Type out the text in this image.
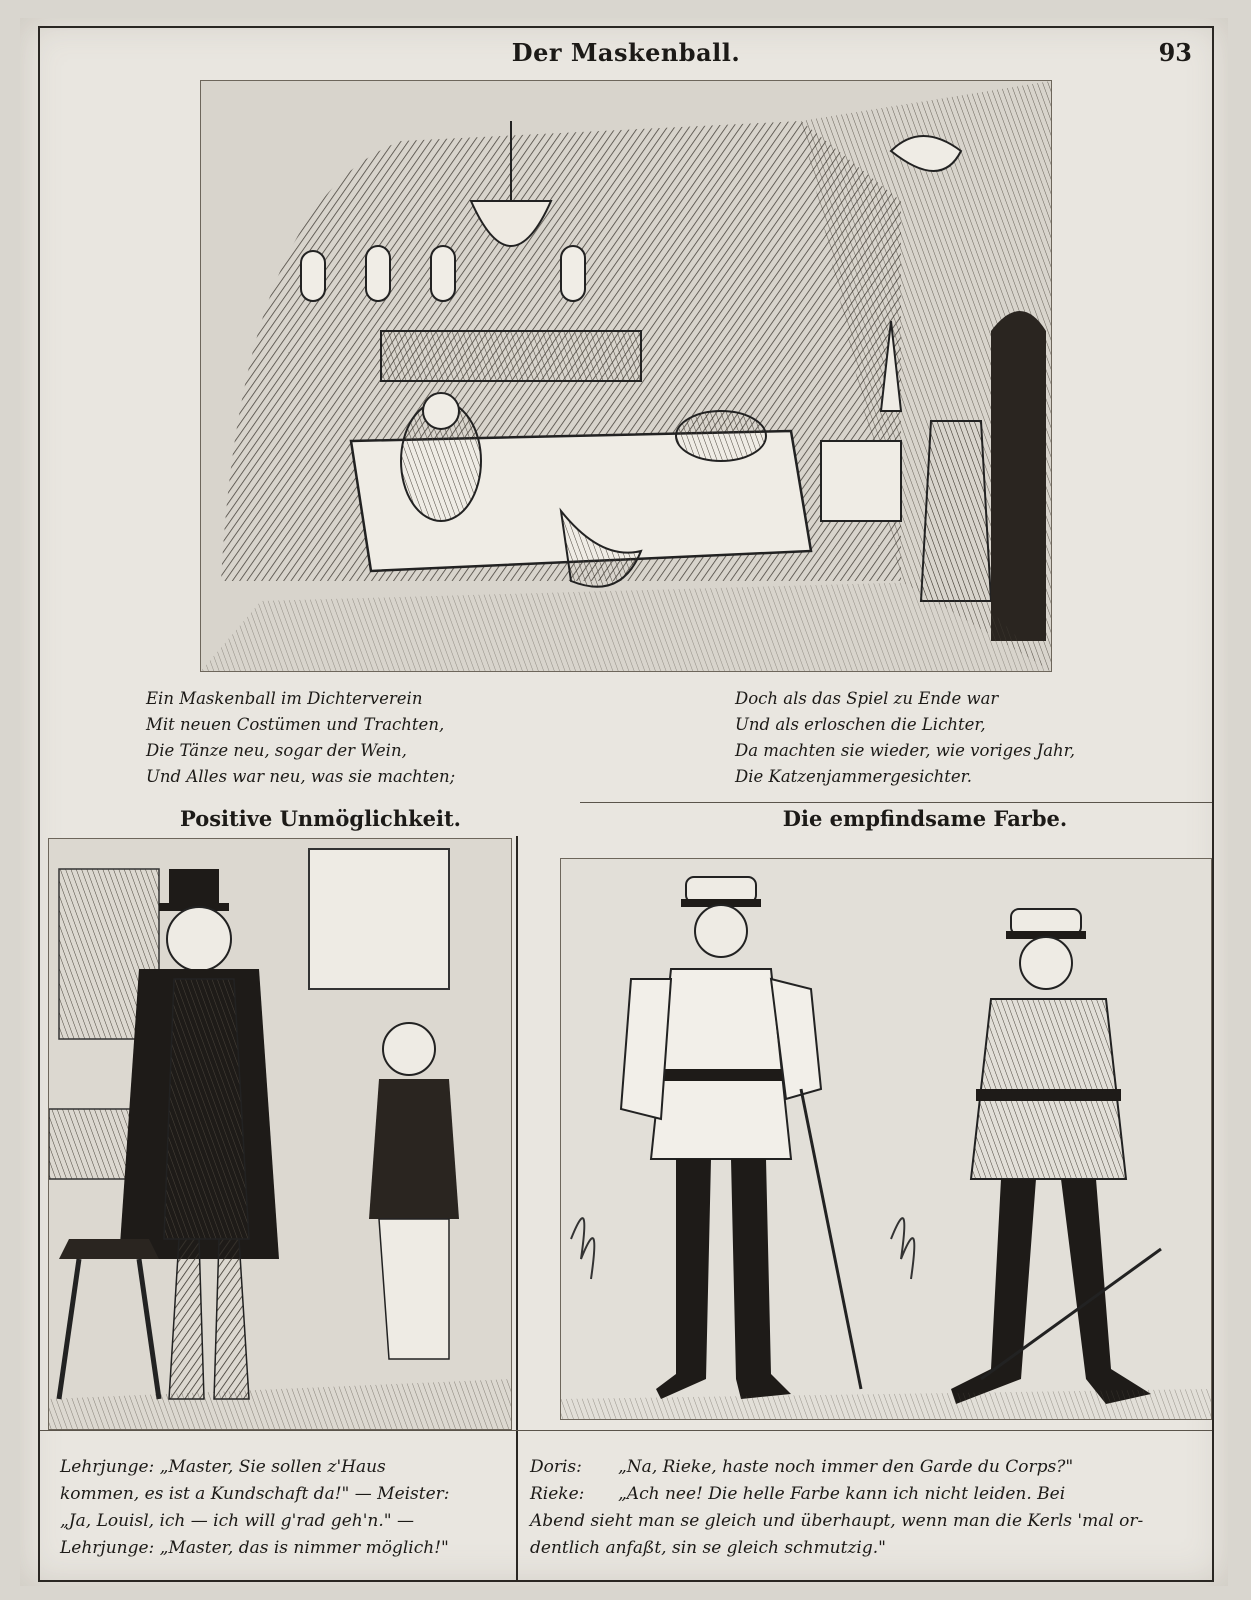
Der Maskenball.	93
Ein Maskenball im Dichterverein
Mit neuen Costümen und Trachten,
Die Tänze neu, sogar der Wein,
Und Alles war neu, was sie machten;
Doch als das Spiel zu Ende war
Und als erloschen die Lichter,
Da machten sie wieder, wie voriges Jahr,
Die Katzenjammergesichter.
Positive Unmöglichkeit.	Die empfindsame Farbe.
Lehrjunge: „Master, Sie sollen z'Haus
kommen, es ist a Kundschaft da!" — Meister:
„Ja, Louisl, ich — ich will g'rad geh'n." —
Lehrjunge: „Master, das is nimmer möglich!"
Doris:	„Na, Rieke, haste noch immer den Garde du Corps?"
Rieke:	„Ach nee! Die helle Farbe kann ich nicht leiden. Bei
Abend sieht man se gleich und überhaupt, wenn man die Kerls 'mal or-
dentlich anfaßt, sin se gleich schmutzig."
